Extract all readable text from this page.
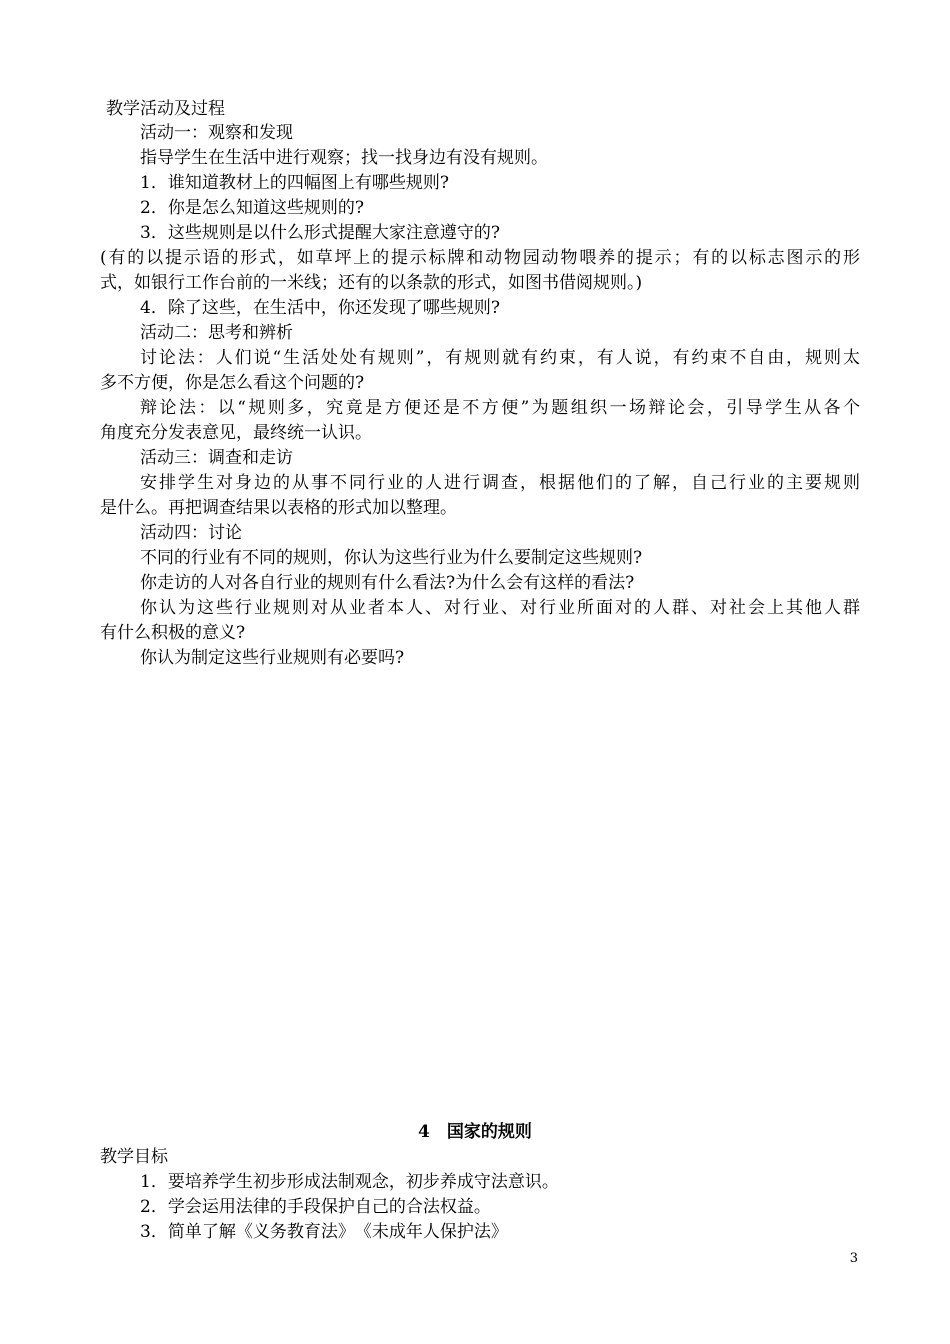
教学活动及过程
活动一：观察和发现
指导学生在生活中进行观察；找一找身边有没有规则。
1．谁知道教材上的四幅图上有哪些规则?
2．你是怎么知道这些规则的?
3．这些规则是以什么形式提醒大家注意遵守的?
(有的以提示语的形式，如草坪上的提示标牌和动物园动物喂养的提示；有的以标志图示的形
式，如银行工作台前的一米线；还有的以条款的形式，如图书借阅规则。)
4．除了这些，在生活中，你还发现了哪些规则?
活动二：思考和辨析
讨论法：人们说“生活处处有规则”，有规则就有约束，有人说，有约束不自由，规则太
多不方便，你是怎么看这个问题的?
辩论法：以“规则多，究竟是方便还是不方便”为题组织一场辩论会，引导学生从各个
角度充分发表意见，最终统一认识。
活动三：调查和走访
安排学生对身边的从事不同行业的人进行调查，根据他们的了解，自己行业的主要规则
是什么。再把调查结果以表格的形式加以整理。
活动四：讨论
不同的行业有不同的规则，你认为这些行业为什么要制定这些规则?
你走访的人对各自行业的规则有什么看法?为什么会有这样的看法?
你认为这些行业规则对从业者本人、对行业、对行业所面对的人群、对社会上其他人群
有什么积极的意义?
你认为制定这些行业规则有必要吗?
4　国家的规则
教学目标
1．要培养学生初步形成法制观念，初步养成守法意识。
2．学会运用法律的手段保护自己的合法权益。
3．简单了解《义务教育法》　《未成年人保护法》
3
